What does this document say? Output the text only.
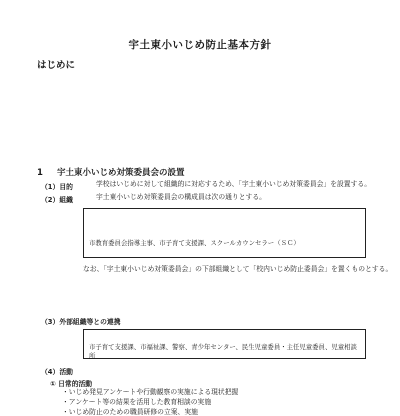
宇土東小いじめ防止基本方針
はじめに
1 宇土東小いじめ対策委員会の設置
（1）目的	学校はいじめに対して組織的に対応するため、「宇土東小いじめ対策委員会」を設置する。
（2）組織	宇土東小いじめ対策委員会の構成員は次の通りとする。
市教育委員会指導主事、市子育て支援課、スクールカウンセラー（ＳＣ）
なお、「宇土東小いじめ対策委員会」の下部組織として「校内いじめ防止委員会」を置くものとする。
（3）外部組織等との連携
市子育て支援課、市福祉課、警察、青少年センター、民生児童委員・主任児童委員、児童相談所
（4）活動
① 日常的活動
・いじめ発見アンケートや行動観察の実施による現状把握
・アンケート等の結果を活用した教育相談の実施
・いじめ防止のための職員研修の立案、実施
